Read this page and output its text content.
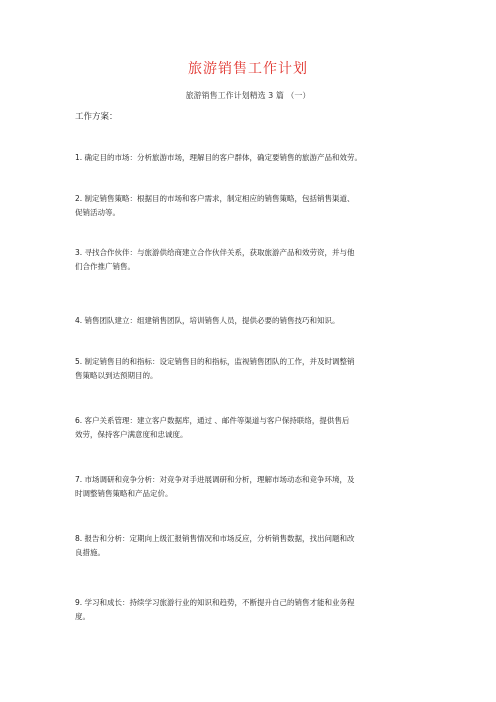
旅游销售工作计划
旅游销售工作计划精选 3 篇 （一）
工作方案：
1. 确定目的市场：分析旅游市场，理解目的客户群体，确定要销售的旅游产品和效劳。
2. 制定销售策略：根据目的市场和客户需求，制定相应的销售策略，包括销售渠道、
促销活动等。
3. 寻找合作伙伴：与旅游供给商建立合作伙伴关系，获取旅游产品和效劳资，并与他
们合作推广销售。
4. 销售团队建立：组建销售团队，培训销售人员，提供必要的销售技巧和知识。
5. 制定销售目的和指标：设定销售目的和指标，监视销售团队的工作，并及时调整销
售策略以到达预期目的。
6. 客户关系管理：建立客户数据库，通过 、邮件等渠道与客户保持联络，提供售后
效劳，保持客户满意度和忠诚度。
7. 市场调研和竞争分析：对竞争对手进展调研和分析，理解市场动态和竞争环境，及
时调整销售策略和产品定价。
8. 报告和分析：定期向上级汇报销售情况和市场反应，分析销售数据，找出问题和改
良措施。
9. 学习和成长：持续学习旅游行业的知识和趋势，不断提升自己的销售才能和业务程
度。
